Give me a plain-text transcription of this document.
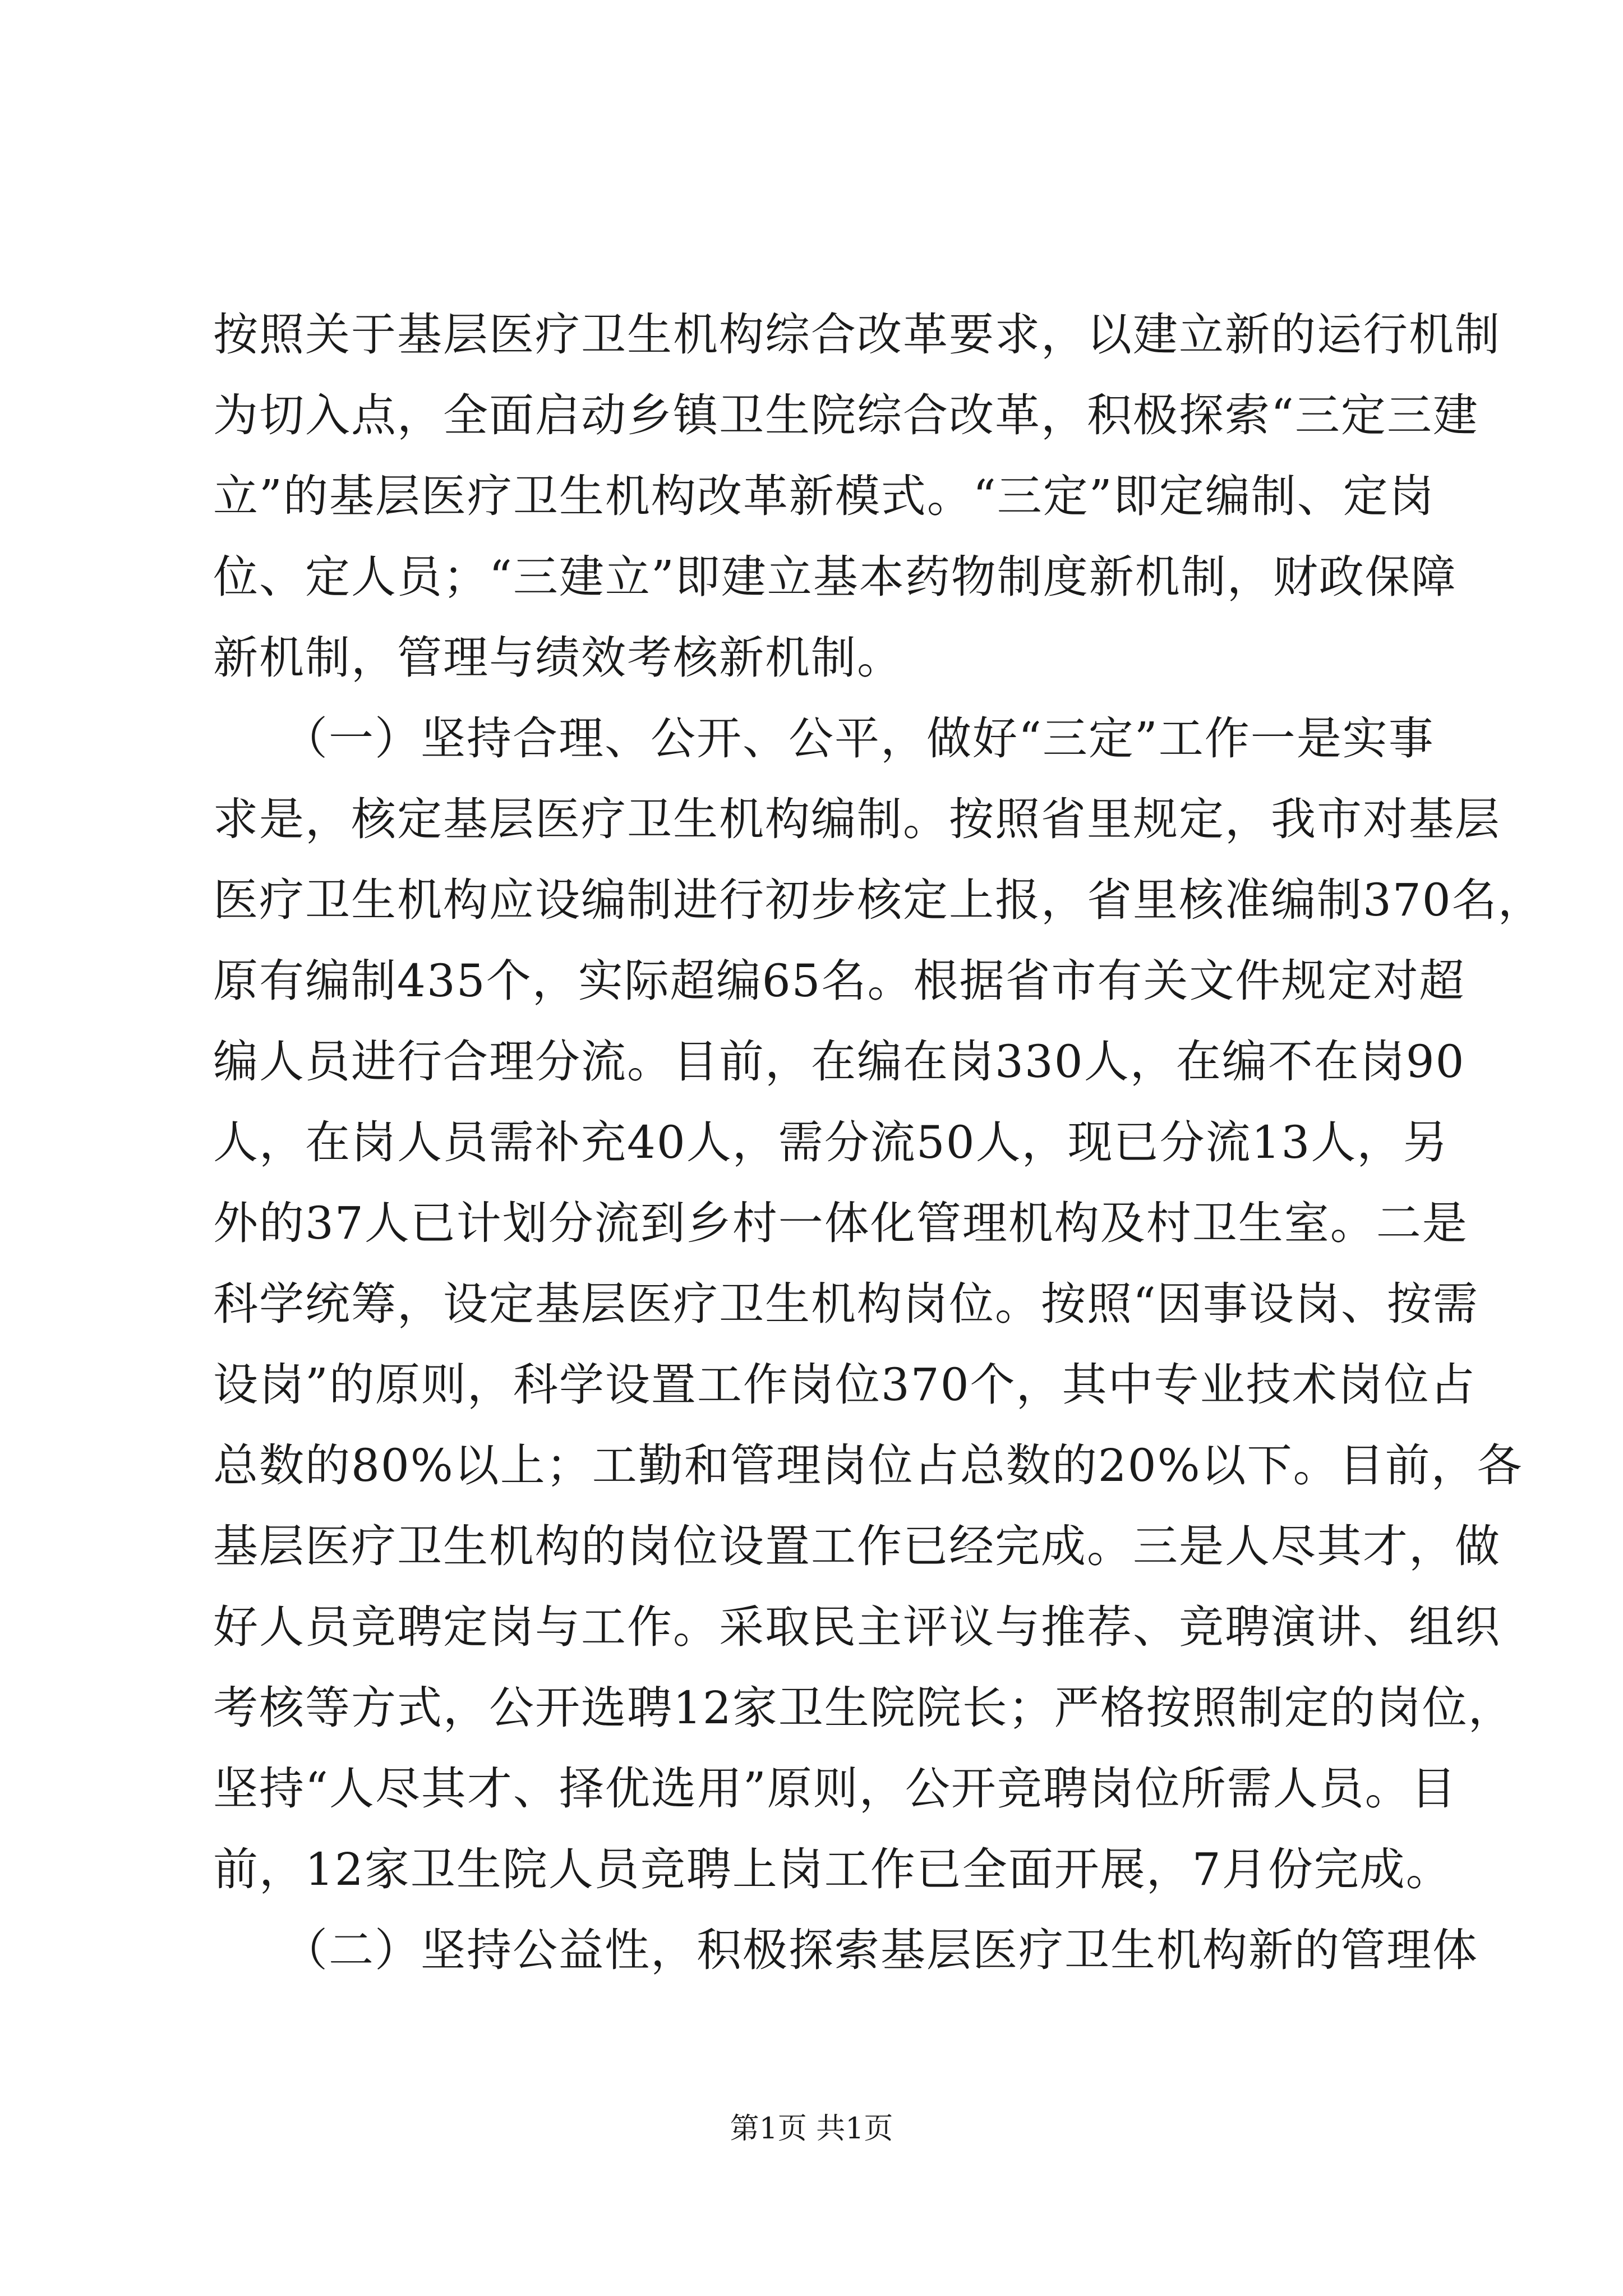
按照关于基层医疗卫生机构综合改革要求，以建立新的运行机制
为切入点，全面启动乡镇卫生院综合改革，积极探索“三定三建
立”的基层医疗卫生机构改革新模式。“三定”即定编制、定岗
位、定人员；“三建立”即建立基本药物制度新机制，财政保障
新机制，管理与绩效考核新机制。
　　（一）坚持合理、公开、公平，做好“三定”工作一是实事
求是，核定基层医疗卫生机构编制。按照省里规定，我市对基层
医疗卫生机构应设编制进行初步核定上报，省里核准编制370名，
原有编制435个，实际超编65名。根据省市有关文件规定对超
编人员进行合理分流。目前，在编在岗330人，在编不在岗90
人，在岗人员需补充40人，需分流50人，现已分流13人，另
外的37人已计划分流到乡村一体化管理机构及村卫生室。二是
科学统筹，设定基层医疗卫生机构岗位。按照“因事设岗、按需
设岗”的原则，科学设置工作岗位370个，其中专业技术岗位占
总数的80%以上；工勤和管理岗位占总数的20%以下。目前，各
基层医疗卫生机构的岗位设置工作已经完成。三是人尽其才，做
好人员竞聘定岗与工作。采取民主评议与推荐、竞聘演讲、组织
考核等方式，公开选聘12家卫生院院长；严格按照制定的岗位，
坚持“人尽其才、择优选用”原则，公开竞聘岗位所需人员。目
前，12家卫生院人员竞聘上岗工作已全面开展，7月份完成。
　　（二）坚持公益性，积极探索基层医疗卫生机构新的管理体
第1页 共1页
